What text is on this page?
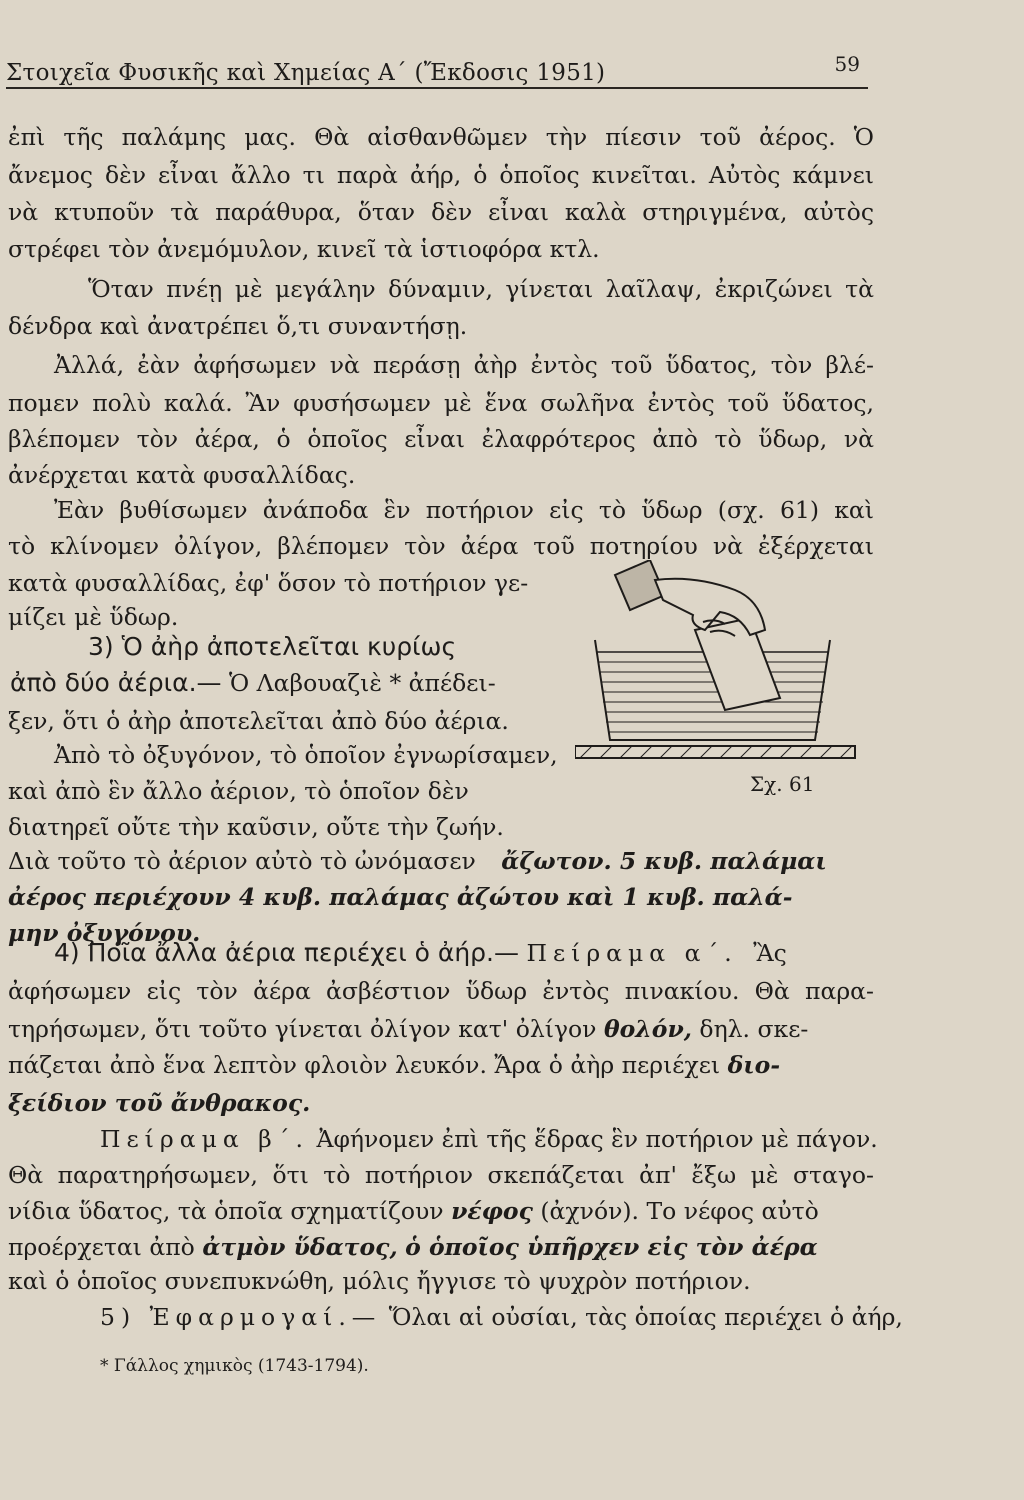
Στοιχεῖα Φυσικῆς καὶ Χημείας Α΄ (Ἔκδοσις 1951)	59
ἐπὶ τῆς παλάμης μας. Θὰ αἰσθανθῶμεν τὴν πίεσιν τοῦ ἀέρος. Ὁ
ἄνεμος δὲν εἶναι ἄλλο τι παρὰ ἀήρ, ὁ ὁποῖος κινεῖται. Αὐτὸς κάμνει
νὰ κτυποῦν τὰ παράθυρα, ὅταν δὲν εἶναι καλὰ στηριγμένα, αὐτὸς
στρέφει τὸν ἀνεμόμυλον, κινεῖ τὰ ἱστιοφόρα κτλ.
Ὅταν πνέῃ μὲ μεγάλην δύναμιν, γίνεται λαῖλαψ, ἐκριζώνει τὰ
δένδρα καὶ ἀνατρέπει ὅ,τι συναντήσῃ.
Ἀλλά, ἐὰν ἀφήσωμεν νὰ περάσῃ ἀὴρ ἐντὸς τοῦ ὕδατος, τὸν βλέ-
πομεν πολὺ καλά. Ἂν φυσήσωμεν μὲ ἕνα σωλῆνα ἐντὸς τοῦ ὕδατος,
βλέπομεν τὸν ἀέρα, ὁ ὁποῖος εἶναι ἐλαφρότερος ἀπὸ τὸ ὕδωρ, νὰ
ἀνέρχεται κατὰ φυσαλλίδας.
Ἐὰν βυθίσωμεν ἀνάποδα ἓν ποτήριον εἰς τὸ ὕδωρ (σχ. 61) καὶ
τὸ κλίνομεν ὀλίγον, βλέπομεν τὸν ἀέρα τοῦ ποτηρίου νὰ ἐξέρχεται
κατὰ φυσαλλίδας, ἐφ' ὅσον τὸ ποτήριον γε-
μίζει μὲ ὕδωρ.
3) Ὁ ἀὴρ ἀποτελεῖται κυρίως
ἀπὸ δύο ἀέρια.— Ὁ Λαβουαζιὲ * ἀπέδει-
ξεν, ὅτι ὁ ἀὴρ ἀποτελεῖται ἀπὸ δύο ἀέρια.
Ἀπὸ τὸ ὀξυγόνον, τὸ ὁποῖον ἐγνωρίσαμεν,
καὶ ἀπὸ ἓν ἄλλο ἀέριον, τὸ ὁποῖον δὲν
διατηρεῖ οὔτε τὴν καῦσιν, οὔτε τὴν ζωήν.
Διὰ τοῦτο τὸ ἀέριον αὐτὸ τὸ ὠνόμασεν ἄζωτον. 5 κυβ. παλάμαι
ἀέρος περιέχουν 4 κυβ. παλάμας ἀζώτου καὶ 1 κυβ. παλά-
μην ὀξυγόνου.
Σχ. 61
4) Ποῖα ἄλλα ἀέρια περιέχει ὁ ἀήρ.— Πείραμα α΄. Ἂς
ἀφήσωμεν εἰς τὸν ἀέρα ἀσβέστιον ὕδωρ ἐντὸς πινακίου. Θὰ παρα-
τηρήσωμεν, ὅτι τοῦτο γίνεται ὀλίγον κατ' ὀλίγον θολόν, δηλ. σκε-
πάζεται ἀπὸ ἕνα λεπτὸν φλοιὸν λευκόν. Ἄρα ὁ ἀὴρ περιέχει διο-
ξείδιον τοῦ ἄνθρακος.
Πείραμα β΄. Ἀφήνομεν ἐπὶ τῆς ἕδρας ἓν ποτήριον μὲ πάγον.
Θὰ παρατηρήσωμεν, ὅτι τὸ ποτήριον σκεπάζεται ἀπ' ἔξω μὲ σταγο-
νίδια ὕδατος, τὰ ὁποῖα σχηματίζουν νέφος (ἀχνόν). Το νέφος αὐτὸ
προέρχεται ἀπὸ ἀτμὸν ὕδατος, ὁ ὁποῖος ὑπῆρχεν εἰς τὸν ἀέρα
καὶ ὁ ὁποῖος συνεπυκνώθη, μόλις ἤγγισε τὸ ψυχρὸν ποτήριον.
5) Ἐφαρμογαί.— Ὅλαι αἱ οὐσίαι, τὰς ὁποίας περιέχει ὁ ἀήρ,
* Γάλλος χημικὸς (1743-1794).
